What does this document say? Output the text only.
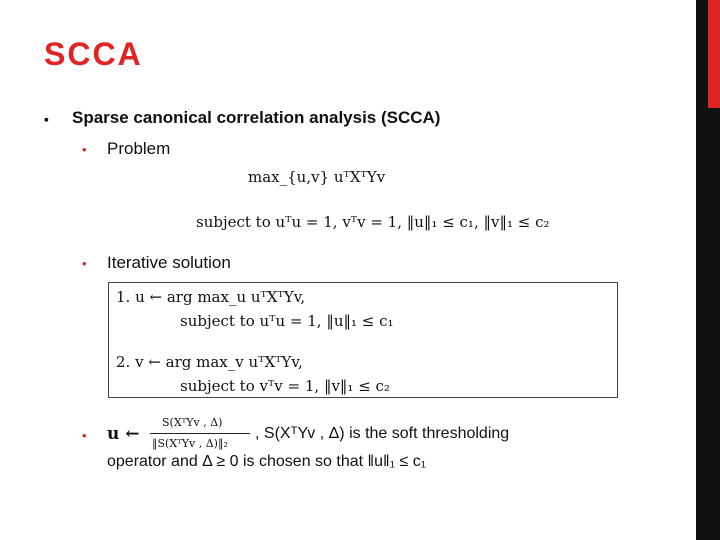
SCCA
▪ Sparse canonical correlation analysis (SCCA)
• Problem
max_{u,v} uᵀXᵀYv
subject to uᵀu = 1, vᵀv = 1, ‖u‖₁ ≤ c₁, ‖v‖₁ ≤ c₂
• Iterative solution
1. u ← arg max_u uᵀXᵀYv,
subject to uᵀu = 1, ‖u‖₁ ≤ c₁
2. v ← arg max_v uᵀXᵀYv,
subject to vᵀv = 1, ‖v‖₁ ≤ c₂
• u ←
S(XᵀYv , Δ)
‖S(XᵀYv , Δ)‖₂
, S(XᵀYv , Δ) is the soft thresholding
operator and Δ ≥ 0 is chosen so that ‖u‖₁ ≤ c₁
